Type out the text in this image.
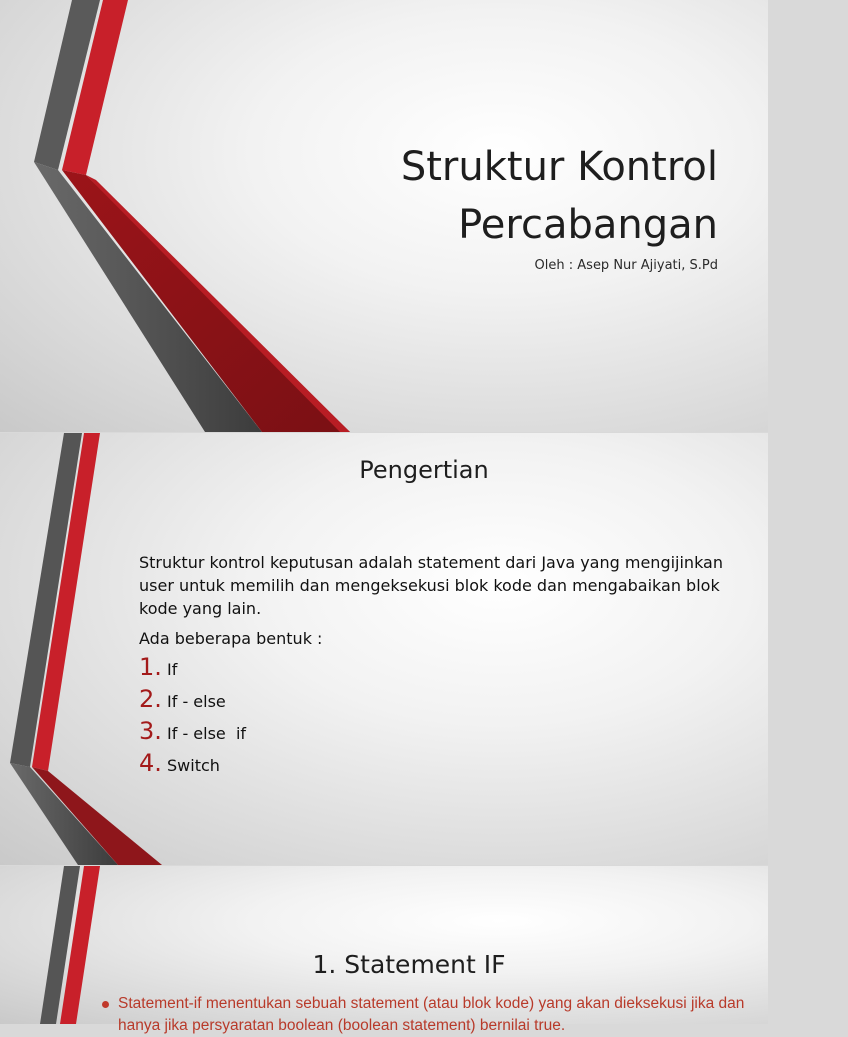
Struktur Kontrol
Percabangan
Oleh : Asep Nur Ajiyati, S.Pd
Pengertian

Struktur kontrol keputusan adalah statement dari Java yang mengijinkan user untuk memilih dan mengeksekusi blok kode dan mengabaikan blok kode yang lain.

Ada beberapa bentuk :

1. If
2. If - else
3. If - else  if
4. Switch
1. Statement IF
Statement-if menentukan sebuah statement (atau blok kode) yang akan dieksekusi jika dan hanya jika persyaratan boolean (boolean statement) bernilai true.
